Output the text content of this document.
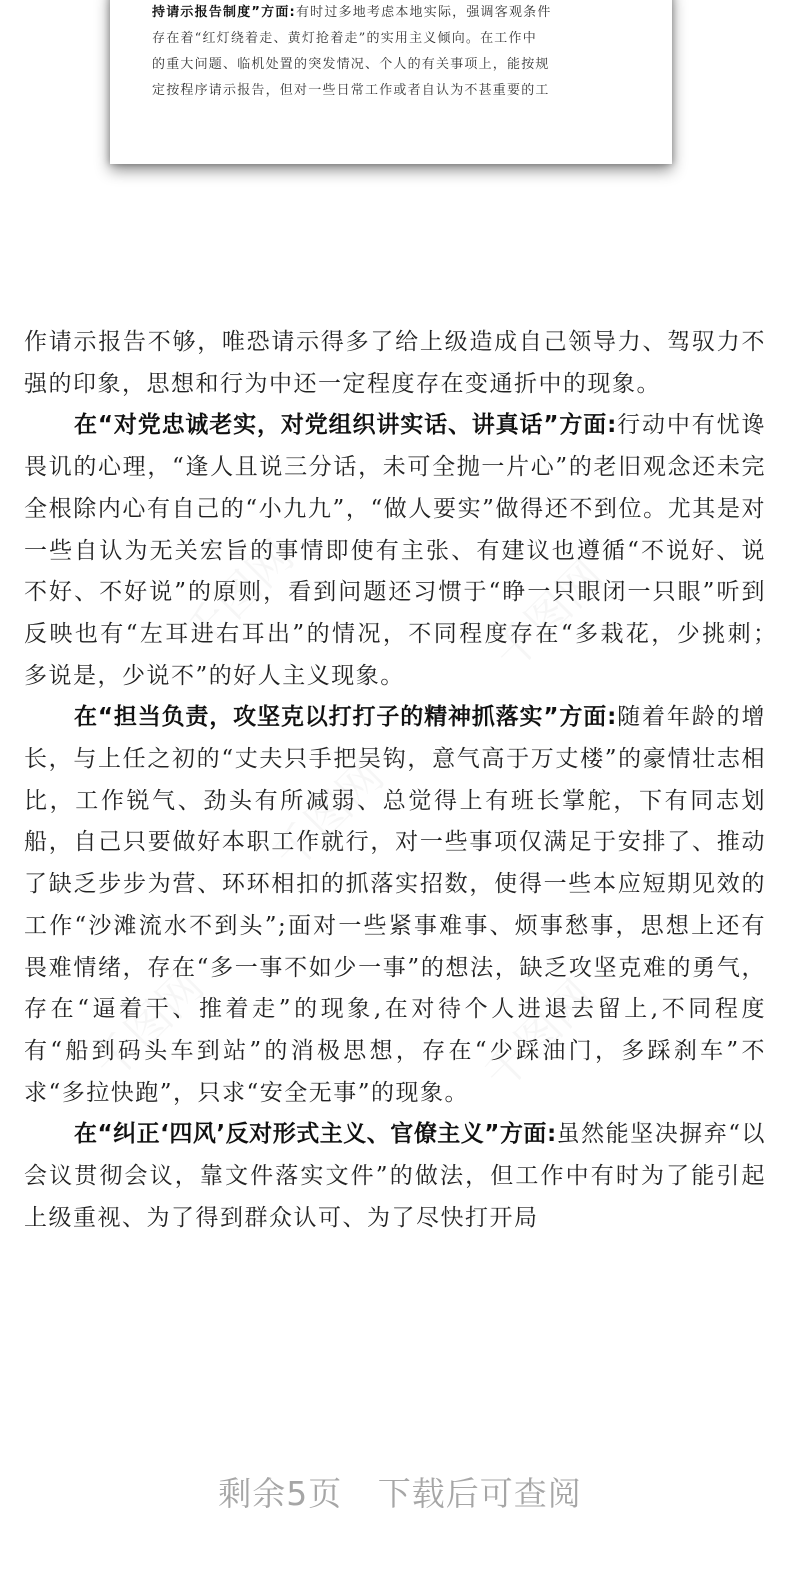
持请示报告制度”方面:有时过多地考虑本地实际，强调客观条件

存在着“红灯绕着走、黄灯抢着走”的实用主义倾向。在工作中

的重大问题、临机处置的突发情况、个人的有关事项上，能按规

定按程序请示报告，但对一些日常工作或者自认为不甚重要的工

作请示报告不够，唯恐请示得多了给上级造成自己领导力、驾驭力不强的印象，思想和行为中还一定程度存在变通折中的现象。

在“对党忠诚老实，对党组织讲实话、讲真话”方面:行动中有忧谗畏讥的心理，“逢人且说三分话，未可全抛一片心”的老旧观念还未完全根除内心有自己的“小九九”，“做人要实”做得还不到位。尤其是对一些自认为无关宏旨的事情即使有主张、有建议也遵循“不说好、说不好、不好说”的原则，看到问题还习惯于“睁一只眼闭一只眼”听到反映也有“左耳进右耳出”的情况，不同程度存在“多栽花，少挑刺；　多说是，少说不”的好人主义现象。

在“担当负责，攻坚克以打打子的精神抓落实”方面:随着年龄的增长，与上任之初的“丈夫只手把吴钩，意气高于万丈楼”的豪情壮志相比，工作锐气、劲头有所减弱、总觉得上有班长掌舵，下有同志划船，自己只要做好本职工作就行，对一些事项仅满足于安排了、推动了缺乏步步为营、环环相扣的抓落实招数，使得一些本应短期见效的工作“沙滩流水不到头”;面对一些紧事难事、烦事愁事，思想上还有畏难情绪，存在“多一事不如少一事”的想法，缺乏攻坚克难的勇气，存在“逼着干、推着走”的现象,在对待个人进退去留上,不同程度有“船到码头车到站”的消极思想，存在“少踩油门，多踩刹车”不求“多拉快跑”，只求“安全无事”的现象。

在“纠正‘四风’反对形式主义、官僚主义”方面:虽然能坚决摒弃“以会议贯彻会议，靠文件落实文件”的做法，但工作中有时为了能引起上级重视、为了得到群众认可、为了尽快打开局

剩余5页 下载后可查阅
